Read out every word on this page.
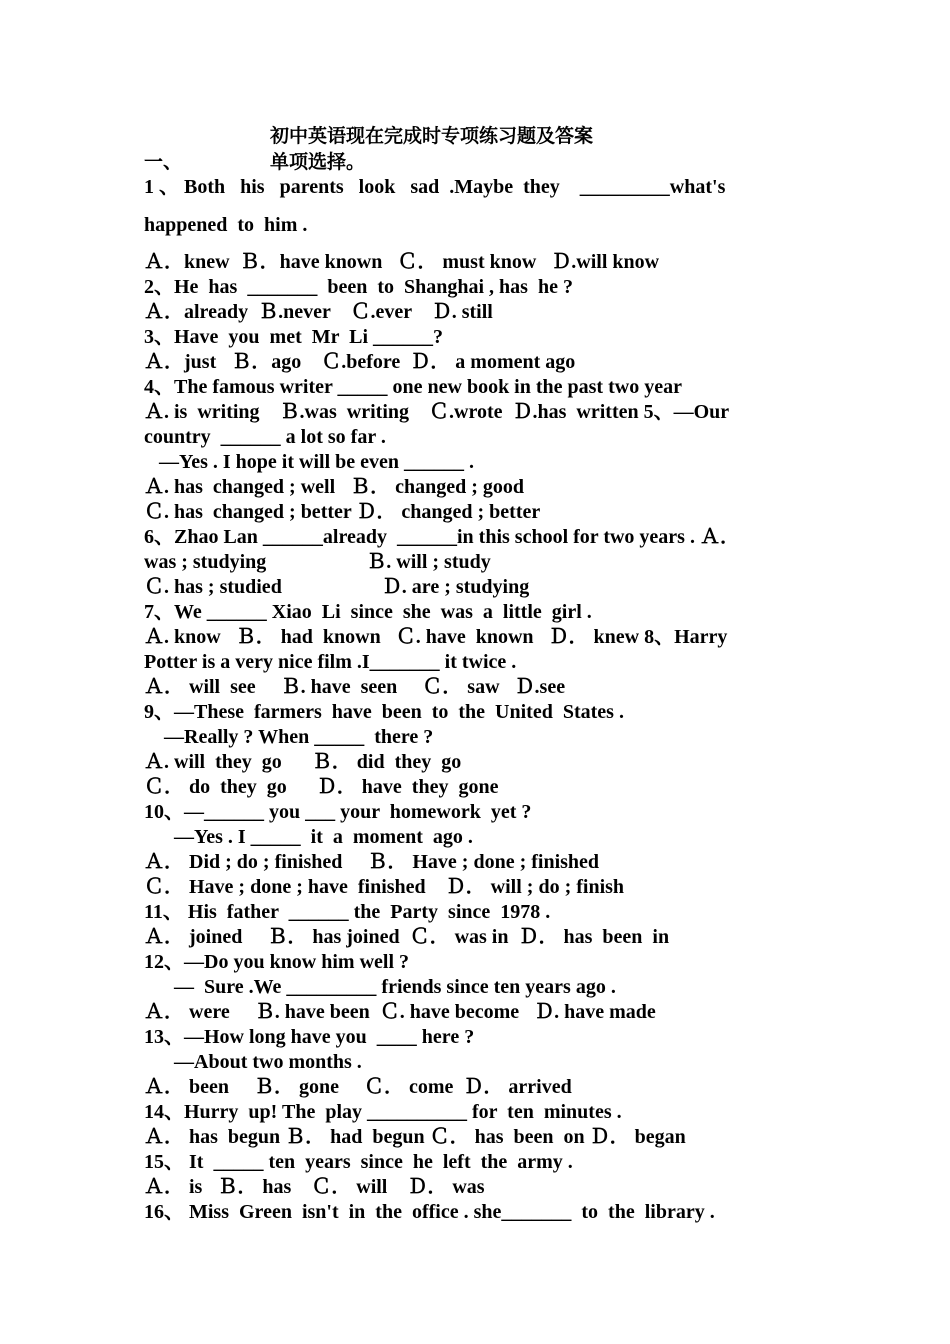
初中英语现在完成时专项练习题及答案
一、	单项选择。
1 、 Both   his   parents   look   sad  .Maybe  they    _________what's
happened  to  him .
Ａ．knew  Ｂ．have known   Ｃ． must know   Ｄ.will know
2、He  has  _______  been  to  Shanghai , has  he ?
Ａ．already  Ｂ.never    Ｃ.ever    Ｄ. still
3、Have  you  met  Mr  Li ______?
Ａ．just   Ｂ．ago    Ｃ.before  Ｄ． a moment ago
4、The famous writer _____ one new book in the past two year
Ａ. is  writing    Ｂ.was  writing    Ｃ.wrote  Ｄ.has  written 5、—Our
country  ______ a lot so far .
—Yes . I hope it will be even ______ .
Ａ. has  changed ; well   Ｂ． changed ; good
Ｃ. has  changed ; better Ｄ． changed ; better
6、Zhao Lan ______already  ______in this school for two years . Ａ．
was ; studying                    Ｂ. will ; study
Ｃ. has ; studied                    Ｄ. are ; studying
7、We ______ Xiao  Li  since  she  was  a  little  girl .
Ａ. know   Ｂ． had  known   Ｃ. have  known   Ｄ． knew 8、Harry
Potter is a very nice film .I_______ it twice .
Ａ． will  see     Ｂ. have  seen     Ｃ． saw   Ｄ.see
9、—These  farmers  have  been  to  the  United  States .
—Really ? When _____  there ?
Ａ. will  they  go      Ｂ． did  they  go
Ｃ． do  they  go      Ｄ． have  they  gone
10、—______ you ___ your  homework  yet ?
—Yes . I _____  it  a  moment  ago .
Ａ． Did ; do ; finished     Ｂ． Have ; done ; finished
Ｃ． Have ; done ; have  finished    Ｄ． will ; do ; finish
11、 His  father  ______ the  Party  since  1978 .
Ａ． joined     Ｂ． has joined  Ｃ． was in  Ｄ． has  been  in
12、—Do you know him well ?
—  Sure .We _________ friends since ten years ago .
Ａ． were     Ｂ. have been  Ｃ. have become   Ｄ. have made
13、—How long have you  ____ here ?
—About two months .
Ａ． been     Ｂ． gone     Ｃ． come  Ｄ． arrived
14、Hurry  up! The  play __________ for  ten  minutes .
Ａ． has  begun Ｂ． had  begun Ｃ． has  been  on Ｄ． began
15、 It  _____ ten  years  since  he  left  the  army .
Ａ． is   Ｂ． has    Ｃ． will    Ｄ． was
16、 Miss  Green  isn't  in  the  office . she_______  to  the  library .
